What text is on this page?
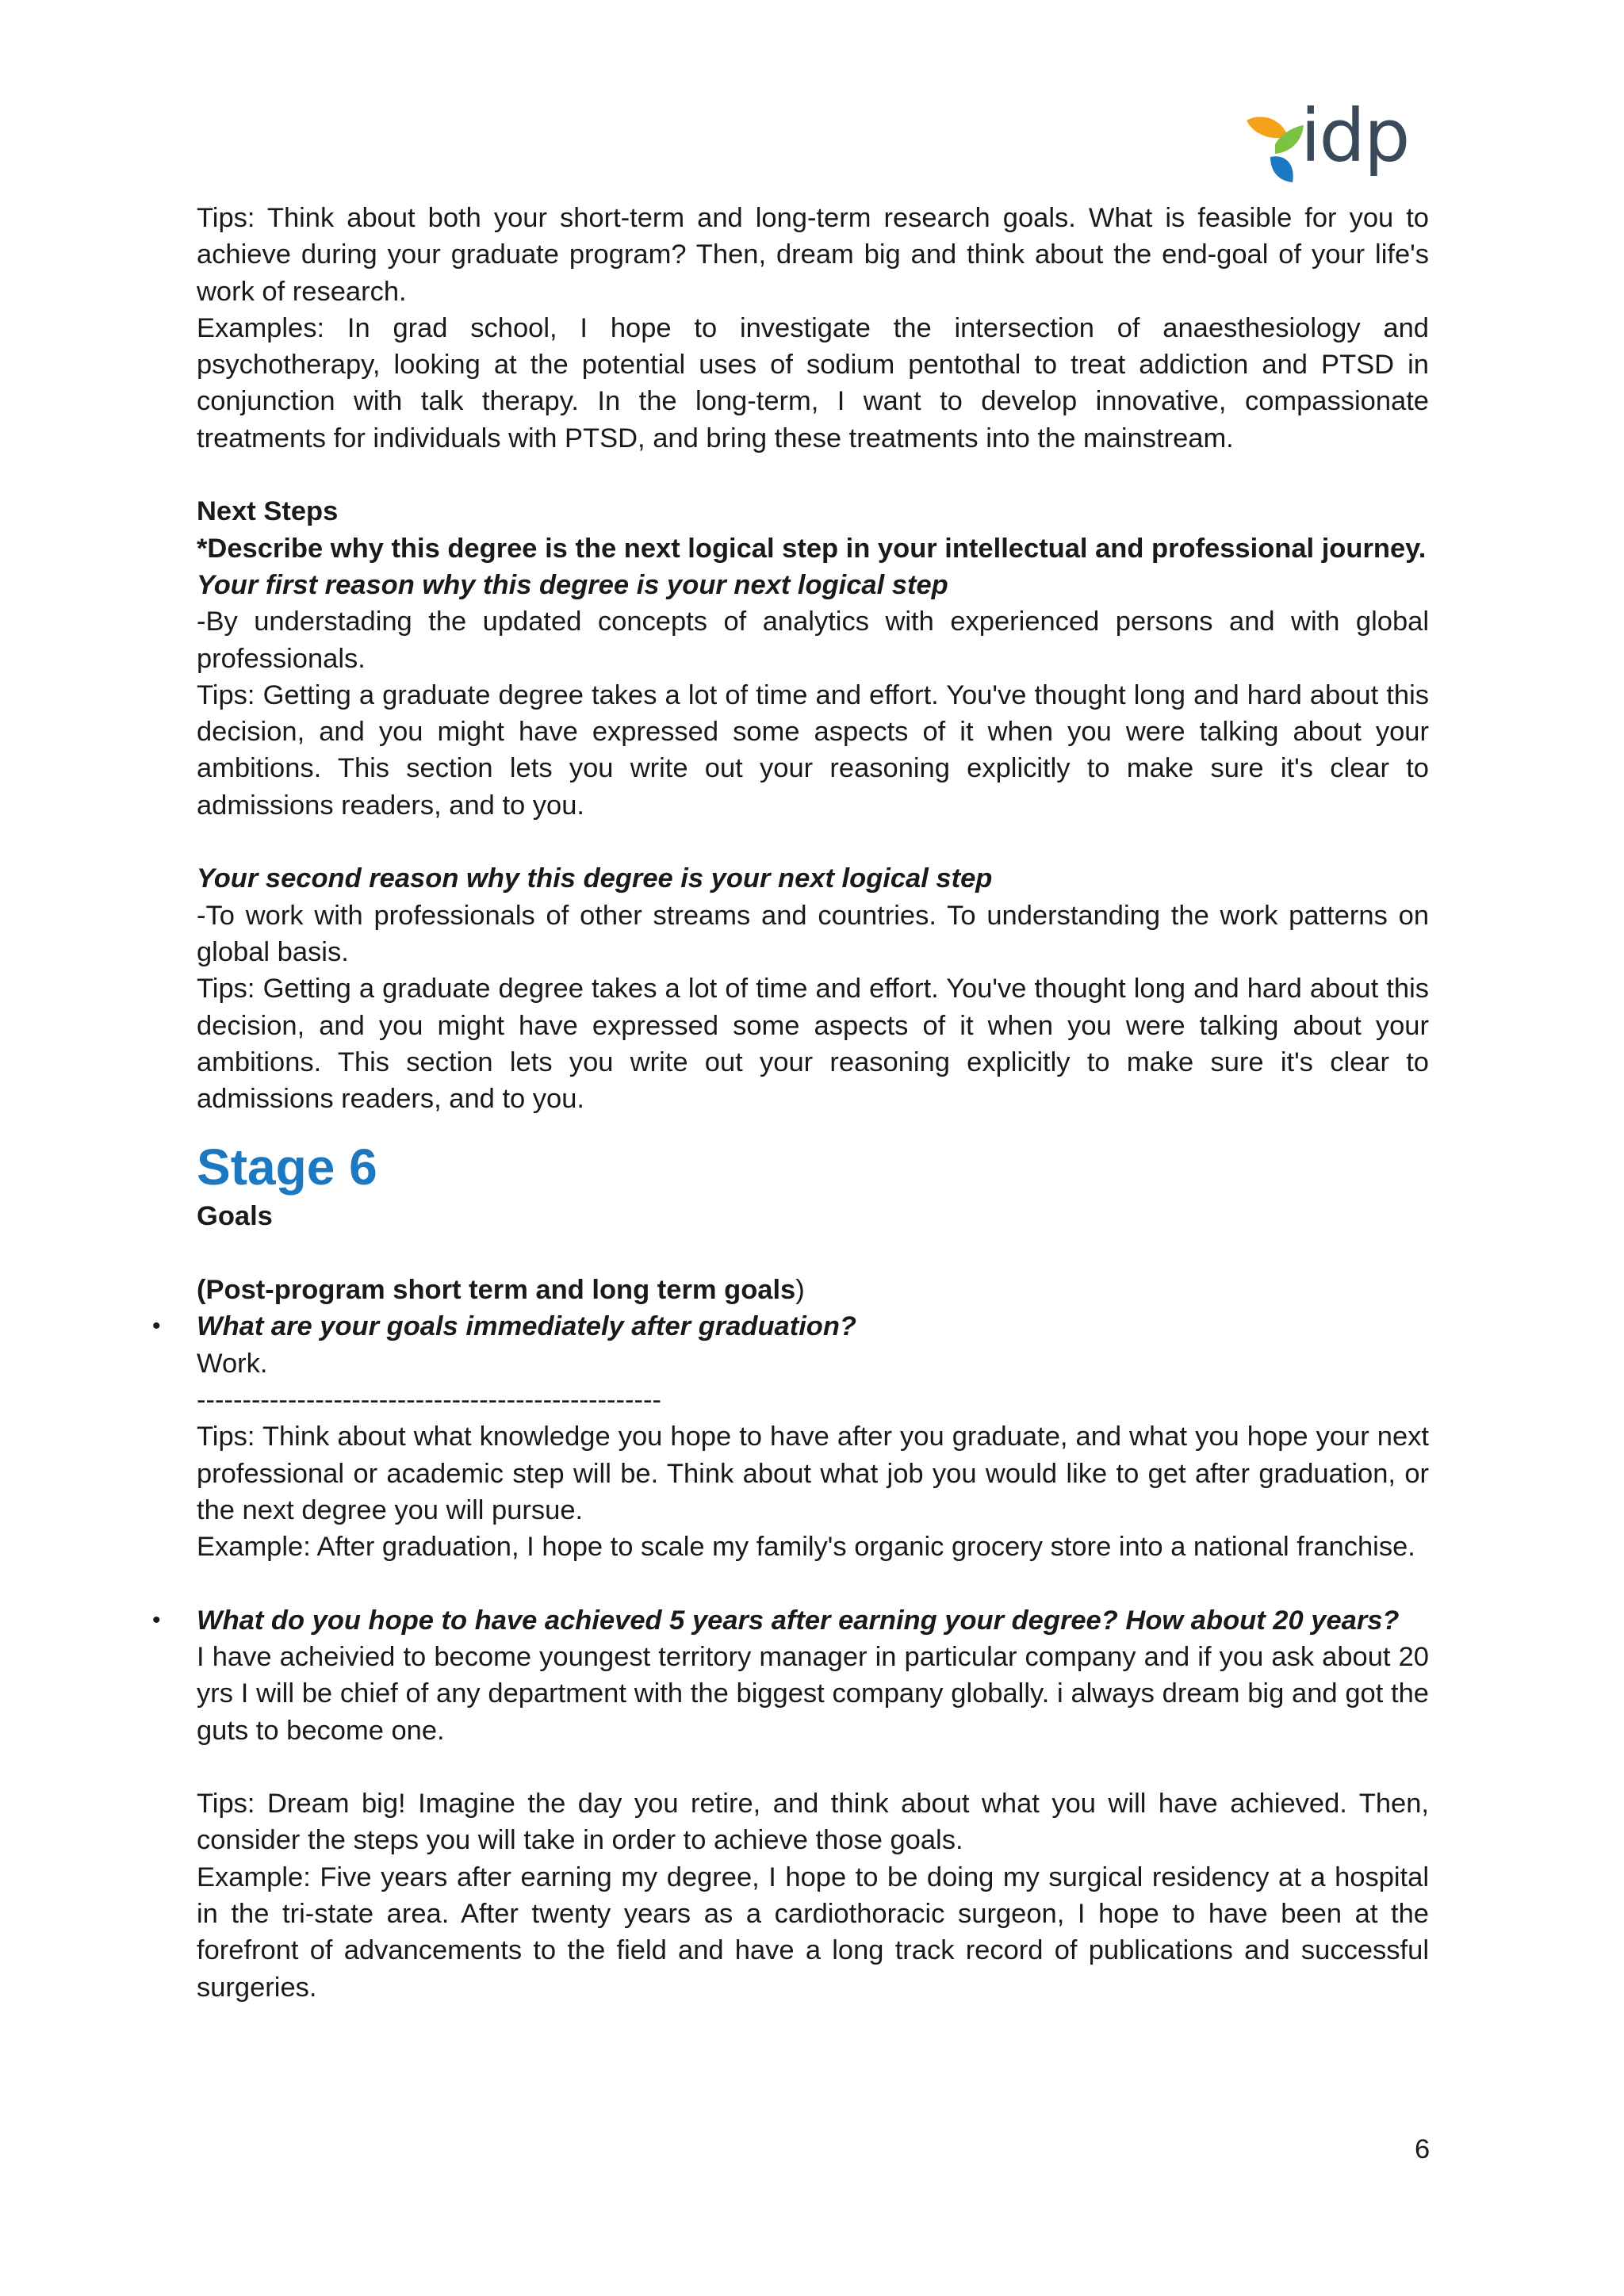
idp

Tips: Think about both your short-term and long-term research goals. What is feasible for you to achieve during your graduate program? Then, dream big and think about the end-goal of your life's work of research.

Examples: In grad school, I hope to investigate the intersection of anaesthesiology and psychotherapy, looking at the potential uses of sodium pentothal to treat addiction and PTSD in conjunction with talk therapy. In the long-term, I want to develop innovative, compassionate treatments for individuals with PTSD, and bring these treatments into the mainstream.

Next Steps

*Describe why this degree is the next logical step in your intellectual and professional journey.

Your first reason why this degree is your next logical step

-By understading the updated concepts of analytics with experienced persons and with global professionals.

Tips: Getting a graduate degree takes a lot of time and effort. You've thought long and hard about this decision, and you might have expressed some aspects of it when you were talking about your ambitions. This section lets you write out your reasoning explicitly to make sure it's clear to admissions readers, and to you.

Your second reason why this degree is your next logical step

-To work with professionals of other streams and countries. To understanding the work patterns on global basis.

Tips: Getting a graduate degree takes a lot of time and effort. You've thought long and hard about this decision, and you might have expressed some aspects of it when you were talking about your ambitions. This section lets you write out your reasoning explicitly to make sure it's clear to admissions readers, and to you.

Stage 6

Goals

(Post-program short term and long term goals)

• What are your goals immediately after graduation?

Work.

---------------------------------------------------

Tips: Think about what knowledge you hope to have after you graduate, and what you hope your next professional or academic step will be. Think about what job you would like to get after graduation, or the next degree you will pursue.

Example: After graduation, I hope to scale my family's organic grocery store into a national franchise.

• What do you hope to have achieved 5 years after earning your degree? How about 20 years?

I have acheivied to become youngest territory manager in particular company and if you ask about 20 yrs I will be chief of any department with the biggest company globally. i always dream big and got the guts to become one.

Tips: Dream big! Imagine the day you retire, and think about what you will have achieved. Then, consider the steps you will take in order to achieve those goals.

Example: Five years after earning my degree, I hope to be doing my surgical residency at a hospital in the tri-state area. After twenty years as a cardiothoracic surgeon, I hope to have been at the forefront of advancements to the field and have a long track record of publications and successful surgeries.

6
